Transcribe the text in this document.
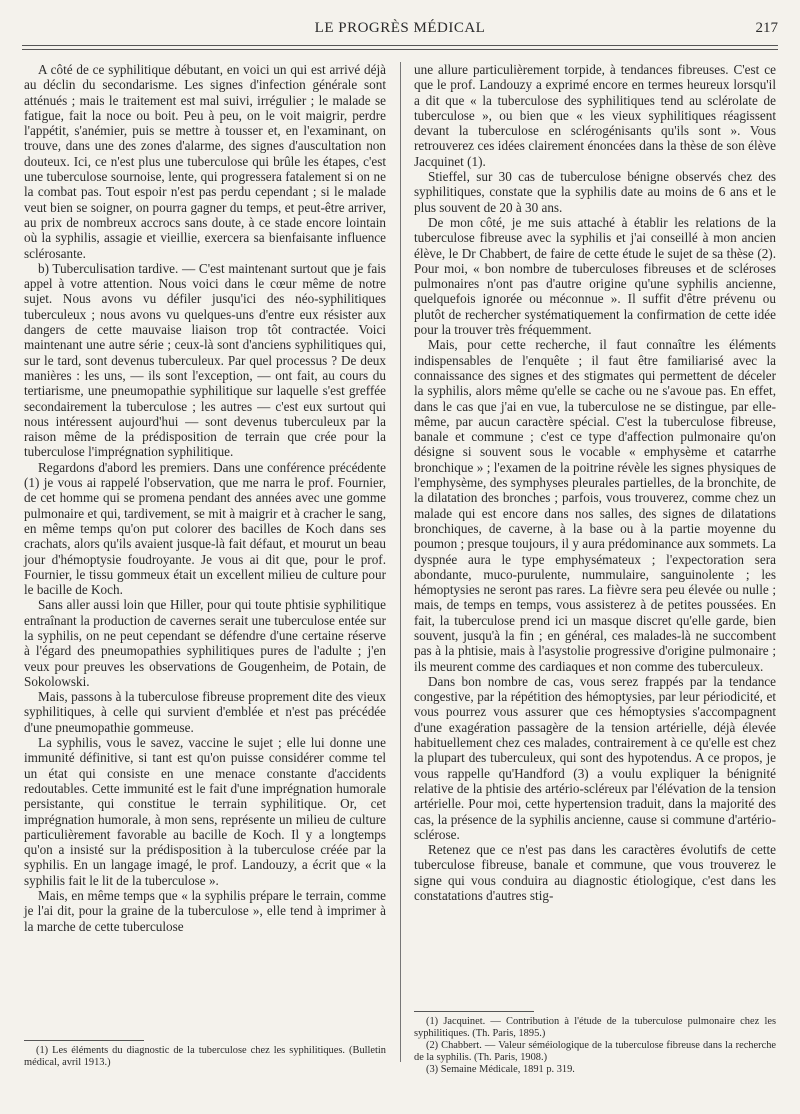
LE PROGRÈS MÉDICAL	217

A côté de ce syphilitique débutant, en voici un qui est arrivé déjà au déclin du secondarisme. Les signes d'infection générale sont atténués ; mais le traitement est mal suivi, irrégulier ; le malade se fatigue, fait la noce ou boit. Peu à peu, on le voit maigrir, perdre l'appétit, s'anémier, puis se mettre à tousser et, en l'examinant, on trouve, dans une des zones d'alarme, des signes d'auscultation non douteux. Ici, ce n'est plus une tuberculose qui brûle les étapes, c'est une tuberculose sournoise, lente, qui progressera fatalement si on ne la combat pas. Tout espoir n'est pas perdu cependant ; si le malade veut bien se soigner, on pourra gagner du temps, et peut-être arriver, au prix de nombreux accrocs sans doute, à ce stade encore lointain où la syphilis, assagie et vieillie, exercera sa bienfaisante influence sclérosante.

b) Tuberculisation tardive. — C'est maintenant surtout que je fais appel à votre attention. Nous voici dans le cœur même de notre sujet. Nous avons vu défiler jusqu'ici des néo-syphilitiques tuberculeux ; nous avons vu quelques-uns d'entre eux résister aux dangers de cette mauvaise liaison trop tôt contractée. Voici maintenant une autre série ; ceux-là sont d'anciens syphilitiques qui, sur le tard, sont devenus tuberculeux. Par quel processus ? De deux manières : les uns, — ils sont l'exception, — ont fait, au cours du tertiarisme, une pneumopathie syphilitique sur laquelle s'est greffée secondairement la tuberculose ; les autres — c'est eux surtout qui nous intéressent aujourd'hui — sont devenus tuberculeux par la raison même de la prédisposition de terrain que crée pour la tuberculose l'imprégnation syphilitique.

Regardons d'abord les premiers. Dans une conférence précédente (1) je vous ai rappelé l'observation, que me narra le prof. Fournier, de cet homme qui se promena pendant des années avec une gomme pulmonaire et qui, tardivement, se mit à maigrir et à cracher le sang, en même temps qu'on put colorer des bacilles de Koch dans ses crachats, alors qu'ils avaient jusque-là fait défaut, et mourut un beau jour d'hémoptysie foudroyante. Je vous ai dit que, pour le prof. Fournier, le tissu gommeux était un excellent milieu de culture pour le bacille de Koch.

Sans aller aussi loin que Hiller, pour qui toute phtisie syphilitique entraînant la production de cavernes serait une tuberculose entée sur la syphilis, on ne peut cependant se défendre d'une certaine réserve à l'égard des pneumopathies syphilitiques pures de l'adulte ; j'en veux pour preuves les observations de Gougenheim, de Potain, de Sokolowski.

Mais, passons à la tuberculose fibreuse proprement dite des vieux syphilitiques, à celle qui survient d'emblée et n'est pas précédée d'une pneumopathie gommeuse.

La syphilis, vous le savez, vaccine le sujet ; elle lui donne une immunité définitive, si tant est qu'on puisse considérer comme tel un état qui consiste en une menace constante d'accidents redoutables. Cette immunité est le fait d'une imprégnation humorale persistante, qui constitue le terrain syphilitique. Or, cet imprégnation humorale, à mon sens, représente un milieu de culture particulièrement favorable au bacille de Koch. Il y a longtemps qu'on a insisté sur la prédisposition à la tuberculose créée par la syphilis. En un langage imagé, le prof. Landouzy, a écrit que « la syphilis fait le lit de la tuberculose ».

Mais, en même temps que « la syphilis prépare le terrain, comme je l'ai dit, pour la graine de la tuberculose », elle tend à imprimer à la marche de cette tuberculose

une allure particulièrement torpide, à tendances fibreuses. C'est ce que le prof. Landouzy a exprimé encore en termes heureux lorsqu'il a dit que « la tuberculose des syphilitiques tend au sclérolate de tuberculose », ou bien que « les vieux syphilitiques réagissent devant la tuberculose en sclérogénisants qu'ils sont ». Vous retrouverez ces idées clairement énoncées dans la thèse de son élève Jacquinet (1).

Stieffel, sur 30 cas de tuberculose bénigne observés chez des syphilitiques, constate que la syphilis date au moins de 6 ans et le plus souvent de 20 à 30 ans.

De mon côté, je me suis attaché à établir les relations de la tuberculose fibreuse avec la syphilis et j'ai conseillé à mon ancien élève, le Dr Chabbert, de faire de cette étude le sujet de sa thèse (2). Pour moi, « bon nombre de tuberculoses fibreuses et de scléroses pulmonaires n'ont pas d'autre origine qu'une syphilis ancienne, quelquefois ignorée ou méconnue ». Il suffit d'être prévenu ou plutôt de rechercher systématiquement la confirmation de cette idée pour la trouver très fréquemment.

Mais, pour cette recherche, il faut connaître les éléments indispensables de l'enquête ; il faut être familiarisé avec la connaissance des signes et des stigmates qui permettent de déceler la syphilis, alors même qu'elle se cache ou ne s'avoue pas. En effet, dans le cas que j'ai en vue, la tuberculose ne se distingue, par elle-même, par aucun caractère spécial. C'est la tuberculose fibreuse, banale et commune ; c'est ce type d'affection pulmonaire qu'on désigne si souvent sous le vocable « emphysème et catarrhe bronchique » ; l'examen de la poitrine révèle les signes physiques de l'emphysème, des symphyses pleurales partielles, de la bronchite, de la dilatation des bronches ; parfois, vous trouverez, comme chez un malade qui est encore dans nos salles, des signes de dilatations bronchiques, de caverne, à la base ou à la partie moyenne du poumon ; presque toujours, il y aura prédominance aux sommets. La dyspnée aura le type emphysémateux ; l'expectoration sera abondante, muco-purulente, nummulaire, sanguinolente ; les hémoptysies ne seront pas rares. La fièvre sera peu élevée ou nulle ; mais, de temps en temps, vous assisterez à de petites poussées. En fait, la tuberculose prend ici un masque discret qu'elle garde, bien souvent, jusqu'à la fin ; en général, ces malades-là ne succombent pas à la phtisie, mais à l'asystolie progressive d'origine pulmonaire ; ils meurent comme des cardiaques et non comme des tuberculeux.

Dans bon nombre de cas, vous serez frappés par la tendance congestive, par la répétition des hémoptysies, par leur périodicité, et vous pourrez vous assurer que ces hémoptysies s'accompagnent d'une exagération passagère de la tension artérielle, déjà élevée habituellement chez ces malades, contrairement à ce qu'elle est chez la plupart des tuberculeux, qui sont des hypotendus. A ce propos, je vous rappelle qu'Handford (3) a voulu expliquer la bénignité relative de la phtisie des artério-scléreux par l'élévation de la tension artérielle. Pour moi, cette hypertension traduit, dans la majorité des cas, la présence de la syphilis ancienne, cause si commune d'artério-sclérose.

Retenez que ce n'est pas dans les caractères évolutifs de cette tuberculose fibreuse, banale et commune, que vous trouverez le signe qui vous conduira au diagnostic étiologique, c'est dans les constatations d'autres stig-

(1) Les éléments du diagnostic de la tuberculose chez les syphilitiques. (Bulletin médical, avril 1913.)

(1) Jacquinet. — Contribution à l'étude de la tuberculose pulmonaire chez les syphilitiques. (Th. Paris, 1895.)

(2) Chabbert. — Valeur séméiologique de la tuberculose fibreuse dans la recherche de la syphilis. (Th. Paris, 1908.)

(3) Semaine Médicale, 1891 p. 319.
